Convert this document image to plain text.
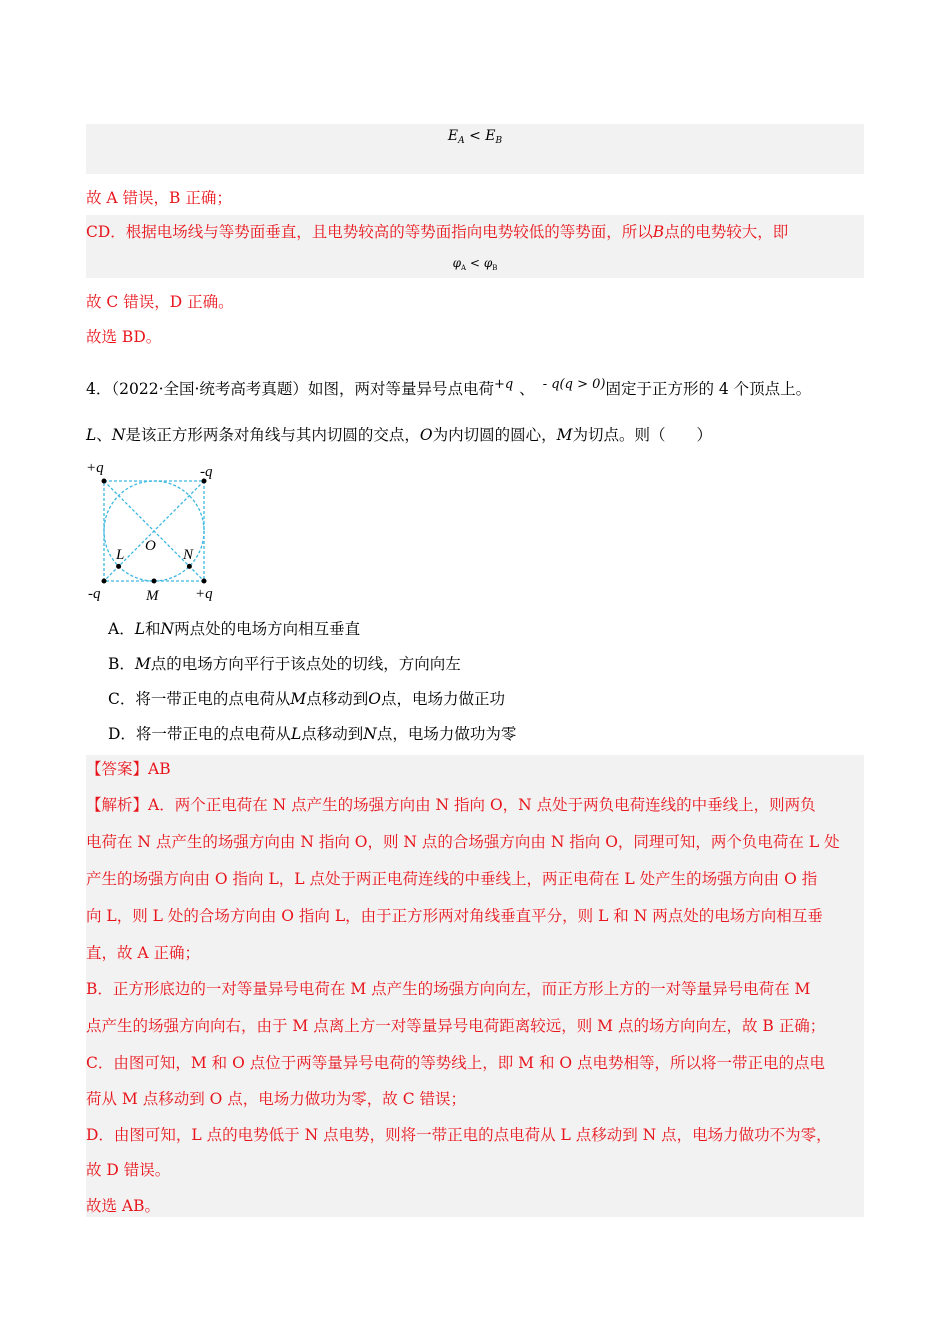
$E_A < E_B$
故 A 错误，B 正确；
CD．根据电场线与等势面垂直，且电势较高的等势面指向电势较低的等势面，所以B点的电势较大，即
$\varphi_A < \varphi_B$
故 C 错误，D 正确。
故选 BD。
4．（2022·全国·统考高考真题）如图，两对等量异号点电荷$^{+q}$ 、 $^{- q(q > 0)}$固定于正方形的 4 个顶点上。
L、N是该正方形两条对角线与其内切圆的交点，O为内切圆的圆心，M为切点。则（　　）
+q	-q
-q	+q
O
L	N
M
A．L和N两点处的电场方向相互垂直
B．M点的电场方向平行于该点处的切线，方向向左
C．将一带正电的点电荷从M点移动到O点，电场力做正功
D．将一带正电的点电荷从L点移动到N点，电场力做功为零
【答案】AB
【解析】A．两个正电荷在 N 点产生的场强方向由 N 指向 O，N 点处于两负电荷连线的中垂线上，则两负
电荷在 N 点产生的场强方向由 N 指向 O，则 N 点的合场强方向由 N 指向 O，同理可知，两个负电荷在 L 处
产生的场强方向由 O 指向 L，L 点处于两正电荷连线的中垂线上，两正电荷在 L 处产生的场强方向由 O 指
向 L，则 L 处的合场方向由 O 指向 L，由于正方形两对角线垂直平分，则 L 和 N 两点处的电场方向相互垂
直，故 A 正确；
B．正方形底边的一对等量异号电荷在 M 点产生的场强方向向左，而正方形上方的一对等量异号电荷在 M
点产生的场强方向向右，由于 M 点离上方一对等量异号电荷距离较远，则 M 点的场方向向左，故 B 正确；
C．由图可知，M 和 O 点位于两等量异号电荷的等势线上，即 M 和 O 点电势相等，所以将一带正电的点电
荷从 M 点移动到 O 点，电场力做功为零，故 C 错误；
D．由图可知，L 点的电势低于 N 点电势，则将一带正电的点电荷从 L 点移动到 N 点，电场力做功不为零，
故 D 错误。
故选 AB。
